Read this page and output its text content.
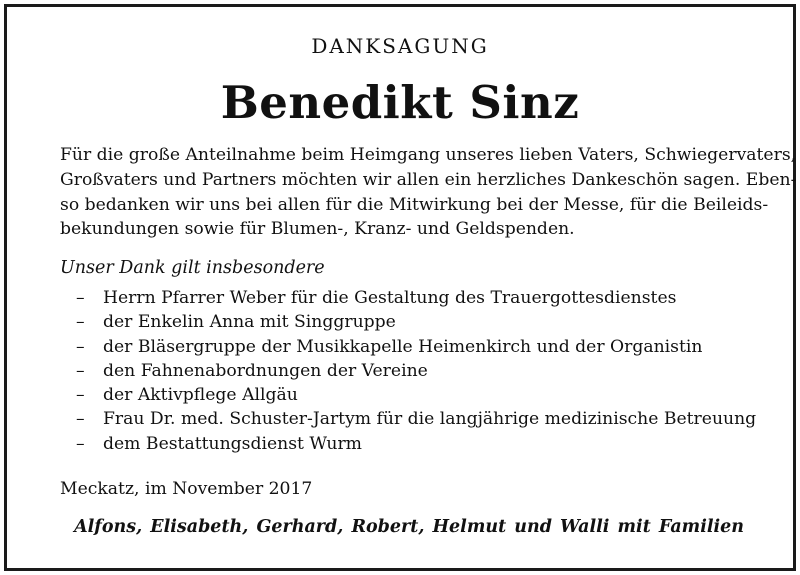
DANKSAGUNG
Benedikt Sinz
Für die große Anteilnahme beim Heimgang unseres lieben Vaters, Schwiegervaters,
Großvaters und Partners möchten wir allen ein herzliches Dankeschön sagen. Eben-
so bedanken wir uns bei allen für die Mitwirkung bei der Messe, für die Beileids-
bekundungen sowie für Blumen-, Kranz- und Geldspenden.
Unser Dank gilt insbesondere
– Herrn Pfarrer Weber für die Gestaltung des Trauergottesdienstes
– der Enkelin Anna mit Singgruppe
– der Bläsergruppe der Musikkapelle Heimenkirch und der Organistin
– den Fahnenabordnungen der Vereine
– der Aktivpflege Allgäu
– Frau Dr. med. Schuster-Jartym für die langjährige medizinische Betreuung
– dem Bestattungsdienst Wurm
Meckatz, im November 2017
Alfons, Elisabeth, Gerhard, Robert, Helmut und Walli mit Familien
